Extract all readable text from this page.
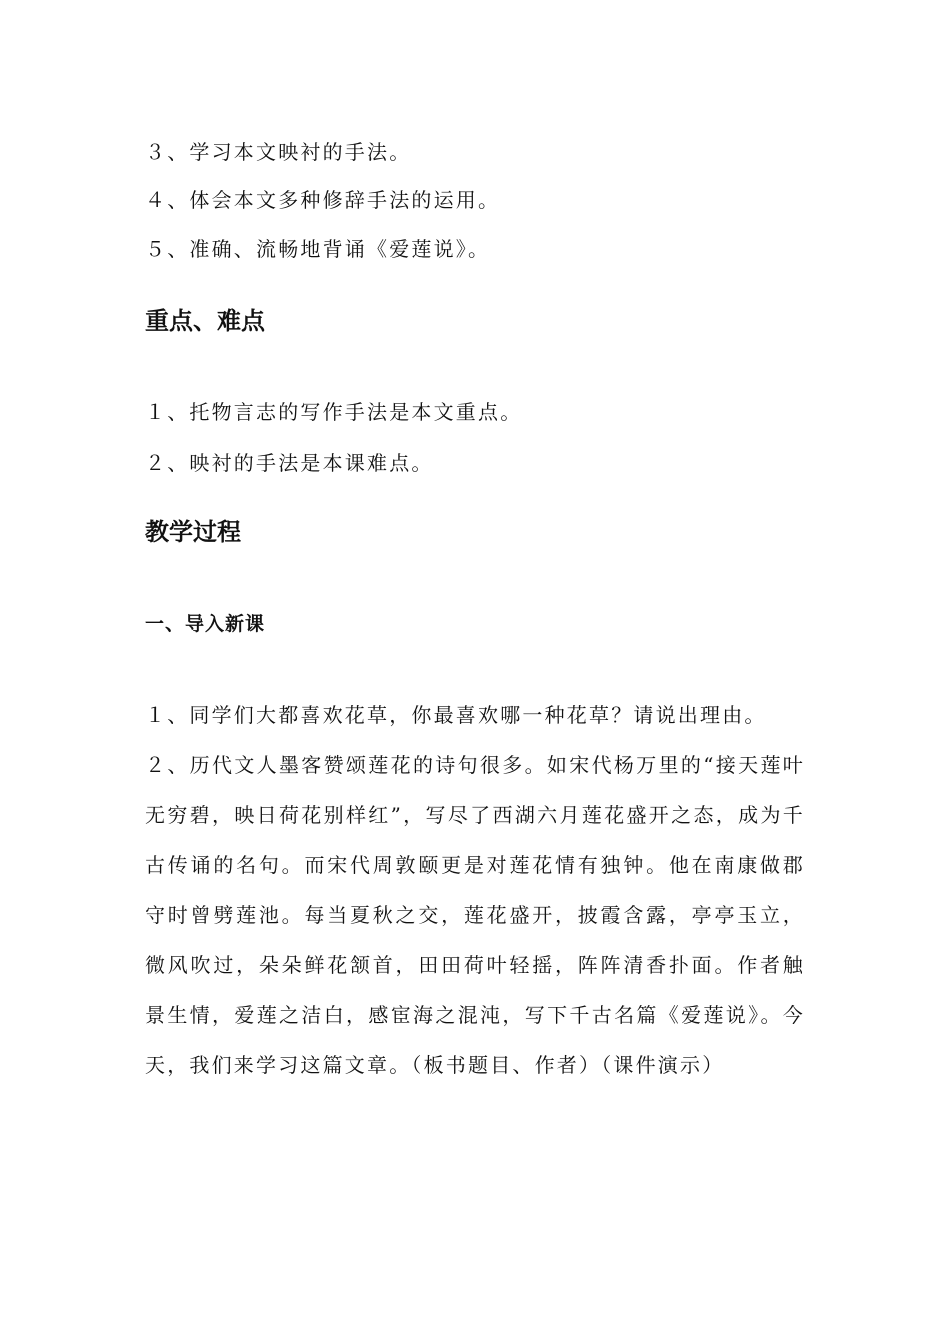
３、学习本文映衬的手法。
４、体会本文多种修辞手法的运用。
５、准确、流畅地背诵《爱莲说》。
重点、难点
１、托物言志的写作手法是本文重点。
２、映衬的手法是本课难点。
教学过程
一、导入新课
１、同学们大都喜欢花草，你最喜欢哪一种花草？请说出理由。
２、历代文人墨客赞颂莲花的诗句很多。如宋代杨万里的“接天莲叶无穷碧，映日荷花别样红”，写尽了西湖六月莲花盛开之态，成为千古传诵的名句。而宋代周敦颐更是对莲花情有独钟。他在南康做郡守时曾劈莲池。每当夏秋之交，莲花盛开，披霞含露，亭亭玉立，微风吹过，朵朵鲜花颔首，田田荷叶轻摇，阵阵清香扑面。作者触景生情，爱莲之洁白，感宦海之混沌，写下千古名篇《爱莲说》。今天，我们来学习这篇文章。（板书题目、作者）（课件演示）
